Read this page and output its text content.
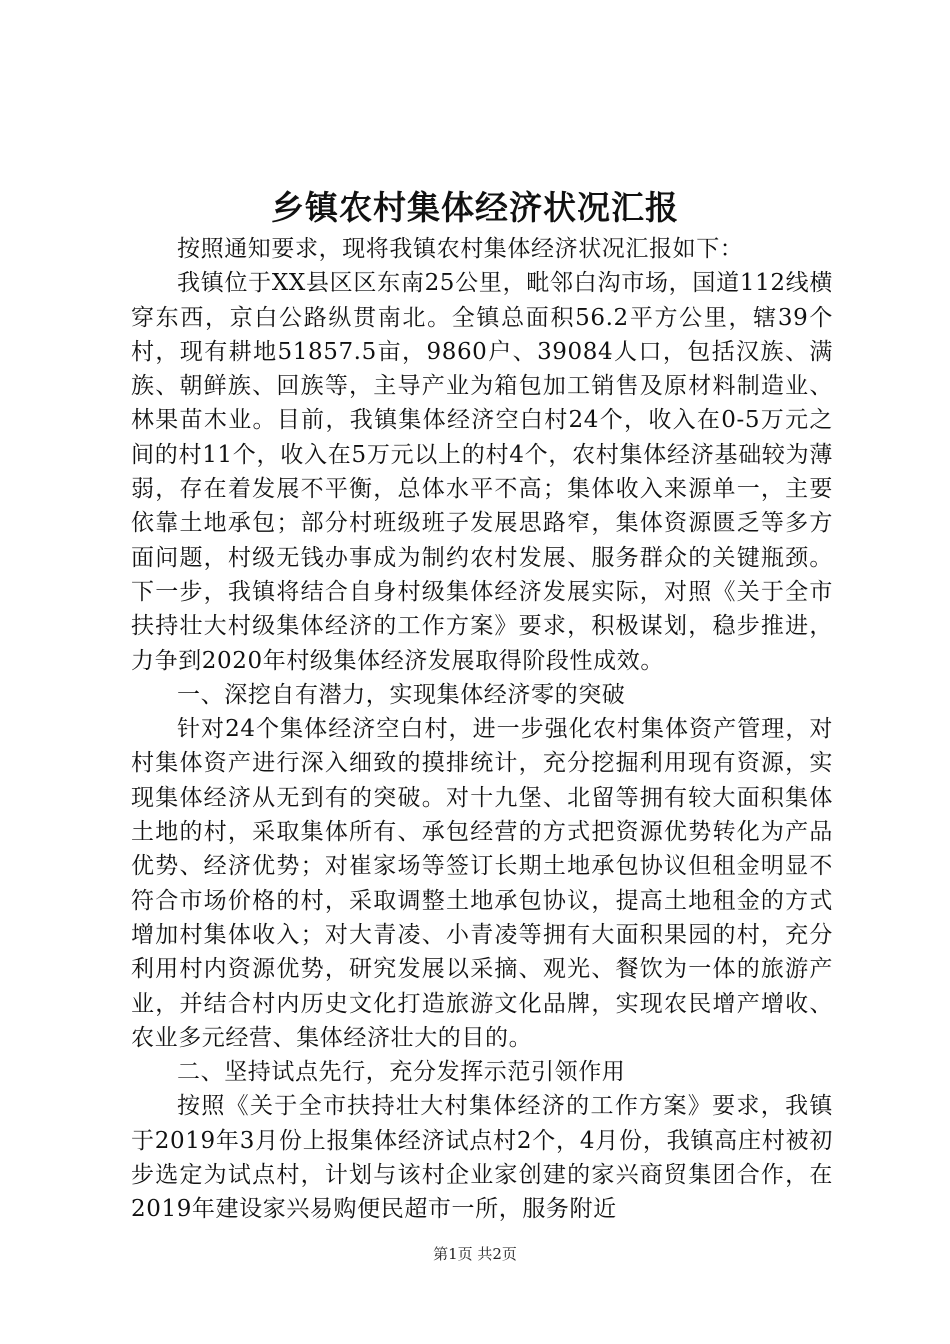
乡镇农村集体经济状况汇报

按照通知要求，现将我镇农村集体经济状况汇报如下：

我镇位于XX县区区东南25公里，毗邻白沟市场，国道112线横穿东西，京白公路纵贯南北。全镇总面积56.2平方公里，辖39个村，现有耕地51857.5亩，9860户、39084人口，包括汉族、满族、朝鲜族、回族等，主导产业为箱包加工销售及原材料制造业、林果苗木业。目前，我镇集体经济空白村24个，收入在0-5万元之间的村11个，收入在5万元以上的村4个，农村集体经济基础较为薄弱，存在着发展不平衡，总体水平不高；集体收入来源单一，主要依靠土地承包；部分村班级班子发展思路窄，集体资源匮乏等多方面问题，村级无钱办事成为制约农村发展、服务群众的关键瓶颈。下一步，我镇将结合自身村级集体经济发展实际，对照《关于全市扶持壮大村级集体经济的工作方案》要求，积极谋划，稳步推进，力争到2020年村级集体经济发展取得阶段性成效。

一、深挖自有潜力，实现集体经济零的突破

针对24个集体经济空白村，进一步强化农村集体资产管理，对村集体资产进行深入细致的摸排统计，充分挖掘利用现有资源，实现集体经济从无到有的突破。对十九堡、北留等拥有较大面积集体土地的村，采取集体所有、承包经营的方式把资源优势转化为产品优势、经济优势；对崔家场等签订长期土地承包协议但租金明显不符合市场价格的村，采取调整土地承包协议，提高土地租金的方式增加村集体收入；对大青凌、小青凌等拥有大面积果园的村，充分利用村内资源优势，研究发展以采摘、观光、餐饮为一体的旅游产业，并结合村内历史文化打造旅游文化品牌，实现农民增产增收、农业多元经营、集体经济壮大的目的。

二、坚持试点先行，充分发挥示范引领作用

按照《关于全市扶持壮大村集体经济的工作方案》要求，我镇于2019年3月份上报集体经济试点村2个，4月份，我镇高庄村被初步选定为试点村，计划与该村企业家创建的家兴商贸集团合作，在2019年建设家兴易购便民超市一所，服务附近

第1页 共2页
